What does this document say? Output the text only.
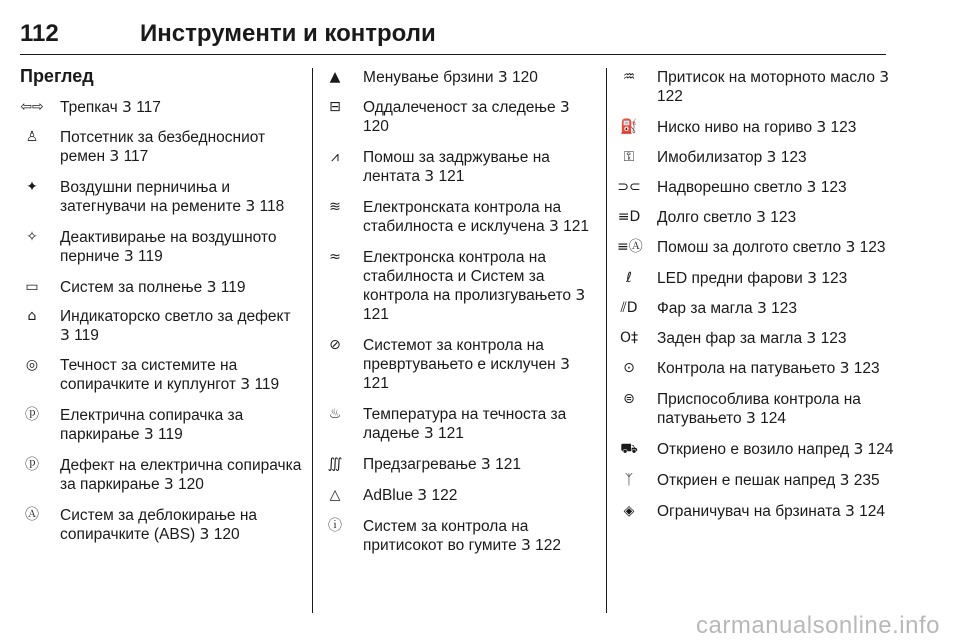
112	Инструменти и контроли
Преглед
⇦⇨ Трепкач 3 117
♙	Потсетник за безбедносниот ремен 3 117
✦	Воздушни перничиња и затегнувачи на ремените 3 118
✧	Деактивирање на воздушното перниче 3 119
▭	Систем за полнење 3 119
⌂	Индикаторско светло за дефект 3 119
◎	Течност за системите на сопирачките и куплунгот 3 119
ⓟ	Електрична сопирачка за паркирање 3 119
ⓟ	Дефект на електрична сопирачка за паркирање 3 120
Ⓐ	Систем за деблокирање на сопирачките (ABS) 3 120
▲	Менување брзини 3 120
⊟	Оддалеченост за следење 3 120
⩘	Помош за задржување на лентата 3 121
≋	Електронската контрола на стабилноста е исклучена 3 121
≈	Електронска контрола на стабилноста и Систем за контрола на пролизгувањето 3 121
⊘	Системот за контрола на превртувањето е исклучен 3 121
♨	Температура на течноста за ладење 3 121
∭ Предзагревање 3 121
△	AdBlue 3 122
ⓘ	Систем за контрола на притисокот во гумите 3 122
♒	Притисок на моторното масло 3 122
⛽ Ниско ниво на гориво 3 123
⚿	Имобилизатор 3 123
⊃⊂ Надворешно светло 3 123
≡D Долго светло 3 123
≡Ⓐ Помош за долгото светло 3 123
ℓ	LED предни фарови 3 123
⫽D Фар за магла 3 123
O‡ Заден фар за магла 3 123
⊙	Контрола на патувањето 3 123
⊜	Приспособлива контрола на патувањето 3 124
⛟ Откриено е возило напред 3 124
ᛉ	Откриен е пешак напред 3 235
◈	Ограничувач на брзината 3 124
carmanualsonline.info
